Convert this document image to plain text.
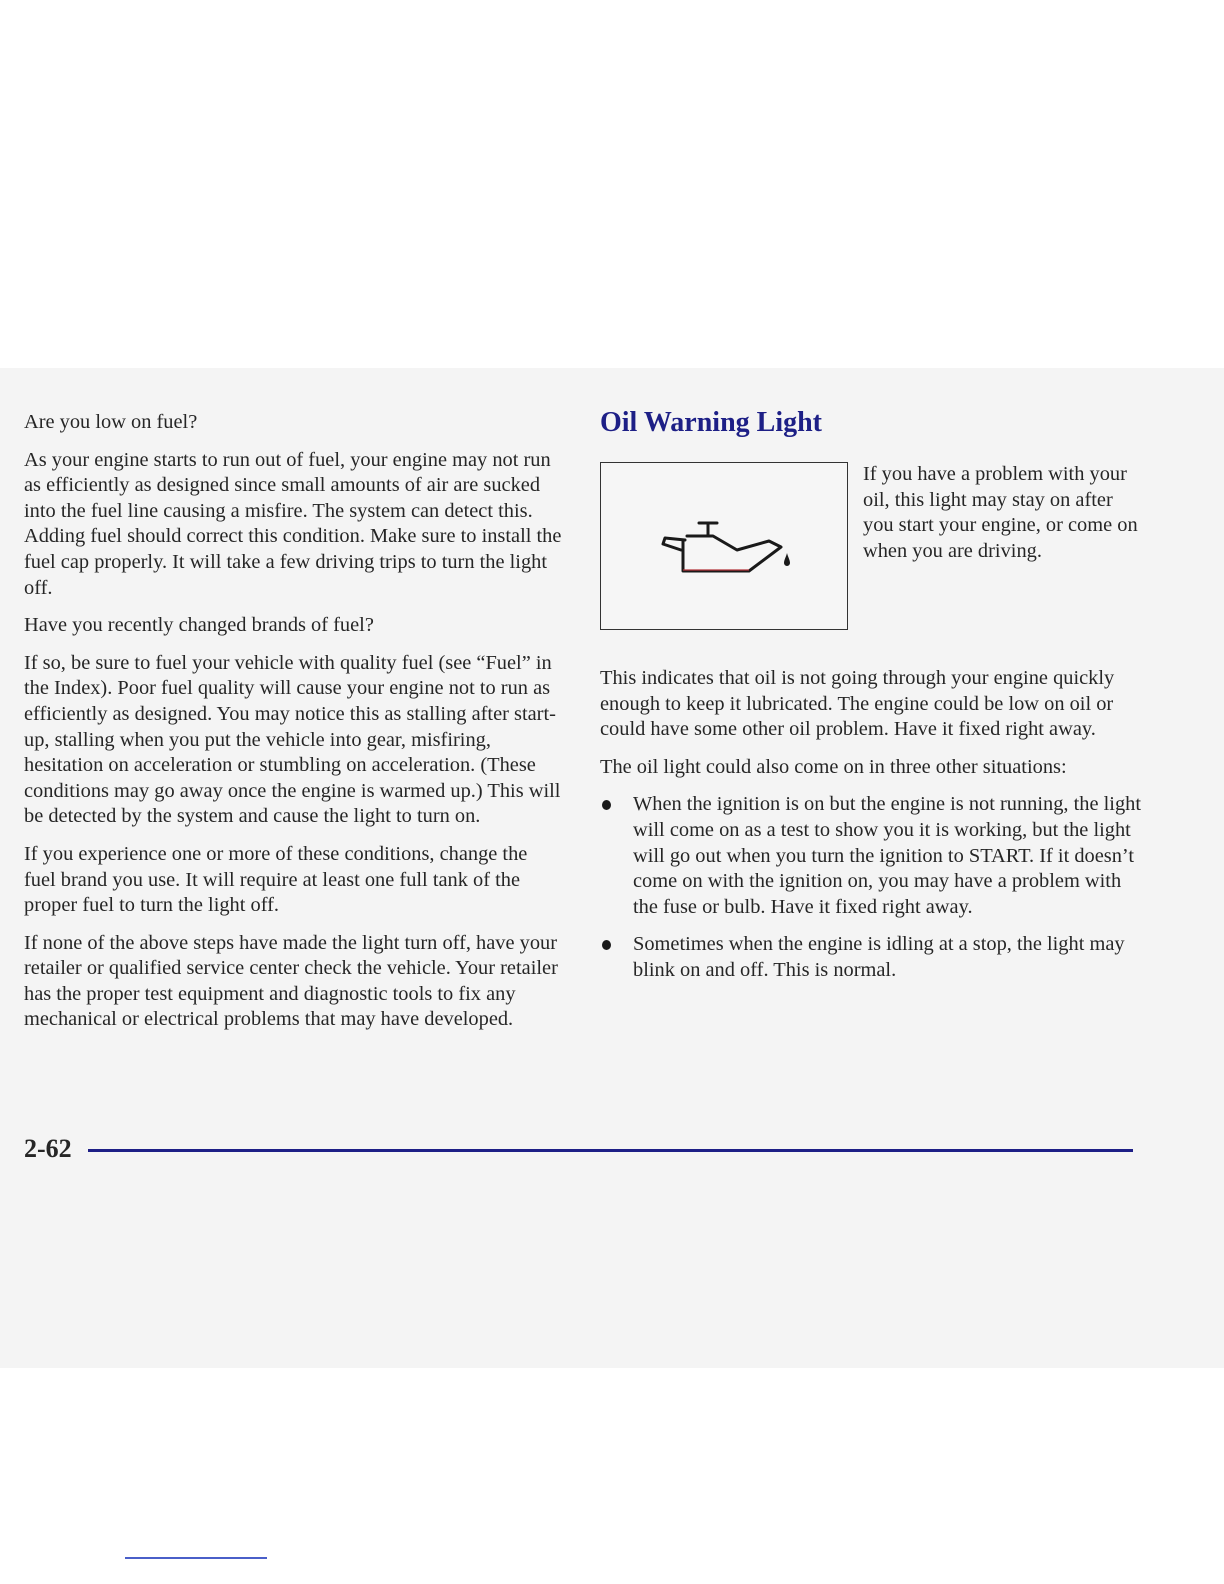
Are you low on fuel?

As your engine starts to run out of fuel, your engine may not run as efficiently as designed since small amounts of air are sucked into the fuel line causing a misfire. The system can detect this. Adding fuel should correct this condition. Make sure to install the fuel cap properly. It will take a few driving trips to turn the light off.

Have you recently changed brands of fuel?

If so, be sure to fuel your vehicle with quality fuel (see “Fuel” in the Index). Poor fuel quality will cause your engine not to run as efficiently as designed. You may notice this as stalling after start-up, stalling when you put the vehicle into gear, misfiring, hesitation on acceleration or stumbling on acceleration. (These conditions may go away once the engine is warmed up.) This will be detected by the system and cause the light to turn on.

If you experience one or more of these conditions, change the fuel brand you use. It will require at least one full tank of the proper fuel to turn the light off.

If none of the above steps have made the light turn off, have your retailer or qualified service center check the vehicle. Your retailer has the proper test equipment and diagnostic tools to fix any mechanical or electrical problems that may have developed.

Oil Warning Light

If you have a problem with your oil, this light may stay on after you start your engine, or come on when you are driving.

This indicates that oil is not going through your engine quickly enough to keep it lubricated. The engine could be low on oil or could have some other oil problem. Have it fixed right away.

The oil light could also come on in three other situations:

When the ignition is on but the engine is not running, the light will come on as a test to show you it is working, but the light will go out when you turn the ignition to START. If it doesn’t come on with the ignition on, you may have a problem with the fuse or bulb. Have it fixed right away.
Sometimes when the engine is idling at a stop, the light may blink on and off. This is normal.
2-62
